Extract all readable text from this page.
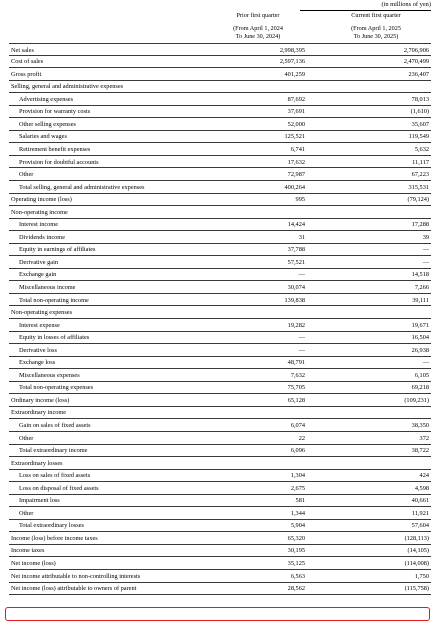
(in millions of yen)
Prior first quarter
(From April 1, 2024
To June 30, 2024)
Current first quarter
(From April 1, 2025
To June 30, 2025)
Net sales	2,998,395	2,706,906
Cost of sales	2,597,136	2,470,499
Gross profit	401,259	236,407
Selling, general and administrative expenses
Advertising expenses	87,692	78,013
Provision for warranty costs	37,691	(1,610)
Other selling expenses	52,000	35,607
Salaries and wages	125,521	119,549
Retirement benefit expenses	6,741	5,632
Provision for doubtful accounts	17,632	11,117
Other	72,987	67,223
Total selling, general and administrative expenses	400,264	315,531
Operating income (loss)	995	(79,124)
Non-operating income
Interest income	14,424	17,288
Dividends income	31	39
Equity in earnings of affiliates	37,788	—
Derivative gain	57,521	—
Exchange gain	—	14,518
Miscellaneous income	30,074	7,266
Total non-operating income	139,838	39,111
Non-operating expenses
Interest expense	19,282	19,671
Equity in losses of affiliates	—	16,504
Derivative loss	—	26,938
Exchange loss	48,791	—
Miscellaneous expenses	7,632	6,105
Total non-operating expenses	75,705	69,218
Ordinary income (loss)	65,128	(109,231)
Extraordinary income
Gain on sales of fixed assets	6,074	38,350
Other	22	372
Total extraordinary income	6,096	38,722
Extraordinary losses
Loss on sales of fixed assets	1,304	424
Loss on disposal of fixed assets	2,675	4,598
Impairment loss	581	40,661
Other	1,344	11,921
Total extraordinary losses	5,904	57,604
Income (loss) before income taxes	65,320	(128,113)
Income taxes	30,195	(14,105)
Net income (loss)	35,125	(114,008)
Net income attributable to non-controlling interests	6,563	1,750
Net income (loss) attributable to owners of parent	28,562	(115,758)
